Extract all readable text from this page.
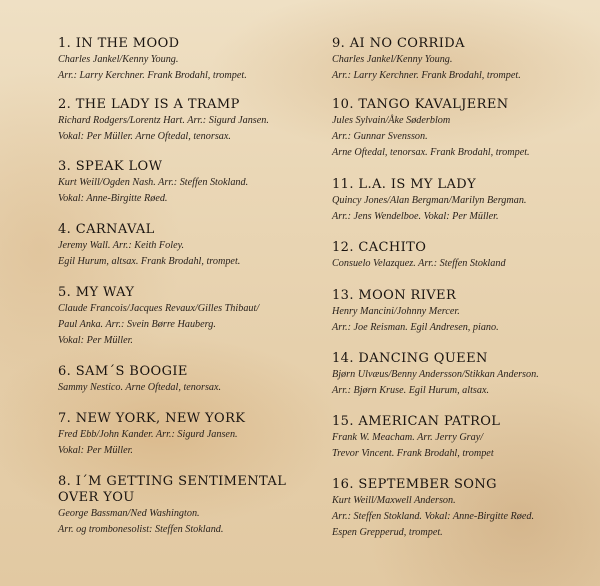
1. IN THE MOOD
Charles Jankel/Kenny Young.
Arr.: Larry Kerchner. Frank Brodahl, trompet.
2. THE LADY IS A TRAMP
Richard Rodgers/Lorentz Hart. Arr.: Sigurd Jansen.
Vokal: Per Müller. Arne Oftedal, tenorsax.
3. SPEAK LOW
Kurt Weill/Ogden Nash. Arr.: Steffen Stokland.
Vokal: Anne-Birgitte Røed.
4. CARNAVAL
Jeremy Wall. Arr.: Keith Foley.
Egil Hurum, altsax. Frank Brodahl, trompet.
5. MY WAY
Claude Francois/Jacques Revaux/Gilles Thibaut/
Paul Anka. Arr.: Svein Børre Hauberg.
Vokal: Per Müller.
6. SAM´S BOOGIE
Sammy Nestico. Arne Oftedal, tenorsax.
7. NEW YORK, NEW YORK
Fred Ebb/John Kander. Arr.: Sigurd Jansen.
Vokal: Per Müller.
8. I´M GETTING SENTIMENTAL OVER YOU
George Bassman/Ned Washington.
Arr. og trombonesolist: Steffen Stokland.
9. AI NO CORRIDA
Charles Jankel/Kenny Young.
Arr.: Larry Kerchner. Frank Brodahl, trompet.
10. TANGO KAVALJEREN
Jules Sylvain/Åke Søderblom
Arr.: Gunnar Svensson.
Arne Oftedal, tenorsax. Frank Brodahl, trompet.
11. L.A. IS MY LADY
Quincy Jones/Alan Bergman/Marilyn Bergman.
Arr.: Jens Wendelboe. Vokal: Per Müller.
12. CACHITO
Consuelo Velazquez. Arr.: Steffen Stokland
13. MOON RIVER
Henry Mancini/Johnny Mercer.
Arr.: Joe Reisman. Egil Andresen, piano.
14. DANCING QUEEN
Bjørn Ulvæus/Benny Andersson/Stikkan Anderson.
Arr.: Bjørn Kruse. Egil Hurum, altsax.
15. AMERICAN PATROL
Frank W. Meacham. Arr. Jerry Gray/
Trevor Vincent. Frank Brodahl, trompet
16. SEPTEMBER SONG
Kurt Weill/Maxwell Anderson.
Arr.: Steffen Stokland. Vokal: Anne-Birgitte Røed.
Espen Grepperud, trompet.
